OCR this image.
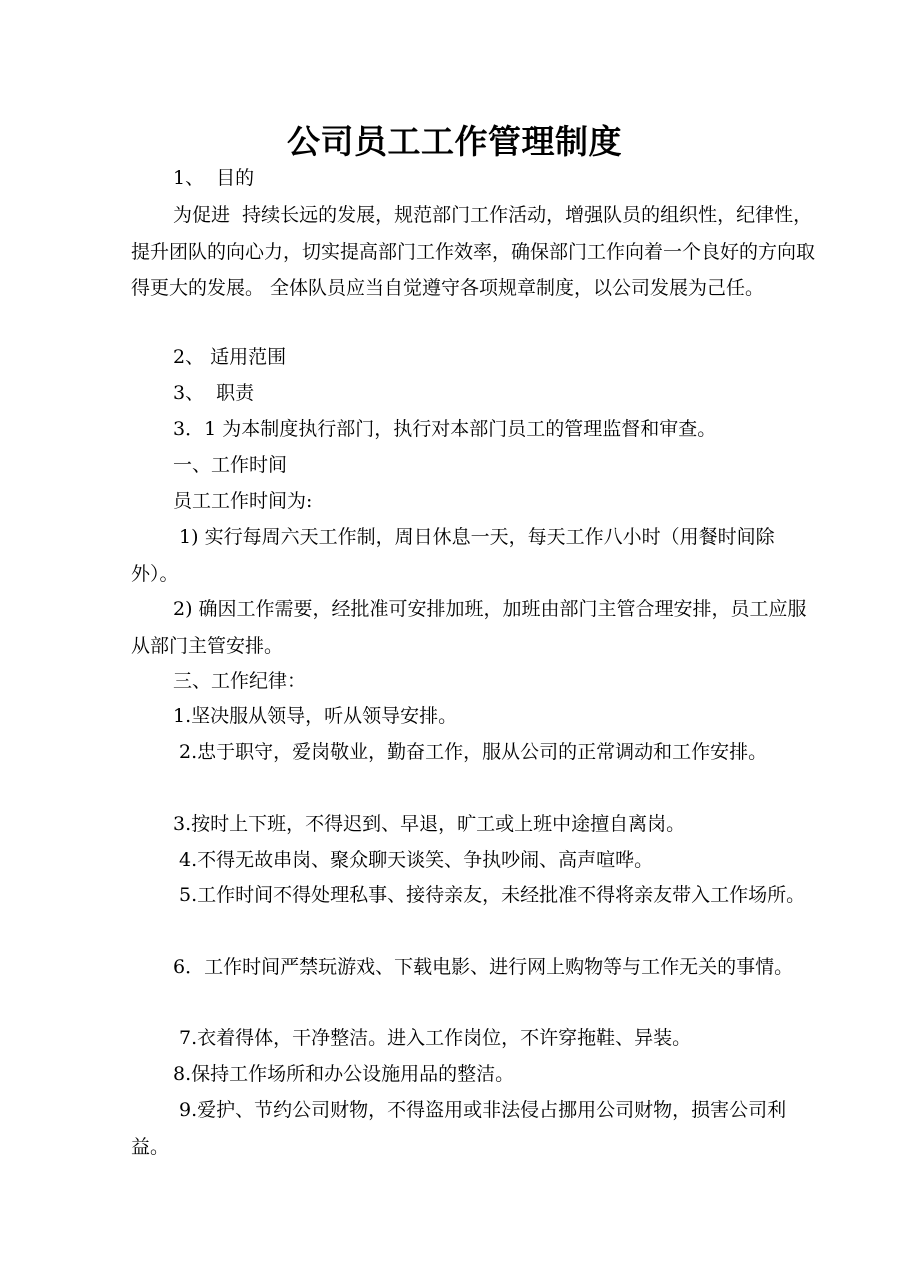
公司员工工作管理制度

1、  目的

为促进  持续长远的发展，规范部门工作活动，增强队员的组织性，纪律性，提升团队的向心力，切实提高部门工作效率，确保部门工作向着一个良好的方向取得更大的发展。 全体队员应当自觉遵守各项规章制度，以公司发展为己任。

2、 适用范围

3、  职责

3．1 为本制度执行部门，执行对本部门员工的管理监督和审查。

一、工作时间

员工工作时间为:

1) 实行每周六天工作制，周日休息一天，每天工作八小时（用餐时间除外）。

2) 确因工作需要，经批准可安排加班，加班由部门主管合理安排，员工应服从部门主管安排。

三、工作纪律：

1.坚决服从领导，听从领导安排。

2.忠于职守，爱岗敬业，勤奋工作，服从公司的正常调动和工作安排。

3.按时上下班，不得迟到、早退，旷工或上班中途擅自离岗。

4.不得无故串岗、聚众聊天谈笑、争执吵闹、高声喧哗。

5.工作时间不得处理私事、接待亲友，未经批准不得将亲友带入工作场所。

6．工作时间严禁玩游戏、下载电影、进行网上购物等与工作无关的事情。

7.衣着得体，干净整洁。进入工作岗位，不许穿拖鞋、异装。

8.保持工作场所和办公设施用品的整洁。

9.爱护、节约公司财物，不得盗用或非法侵占挪用公司财物，损害公司利益。
